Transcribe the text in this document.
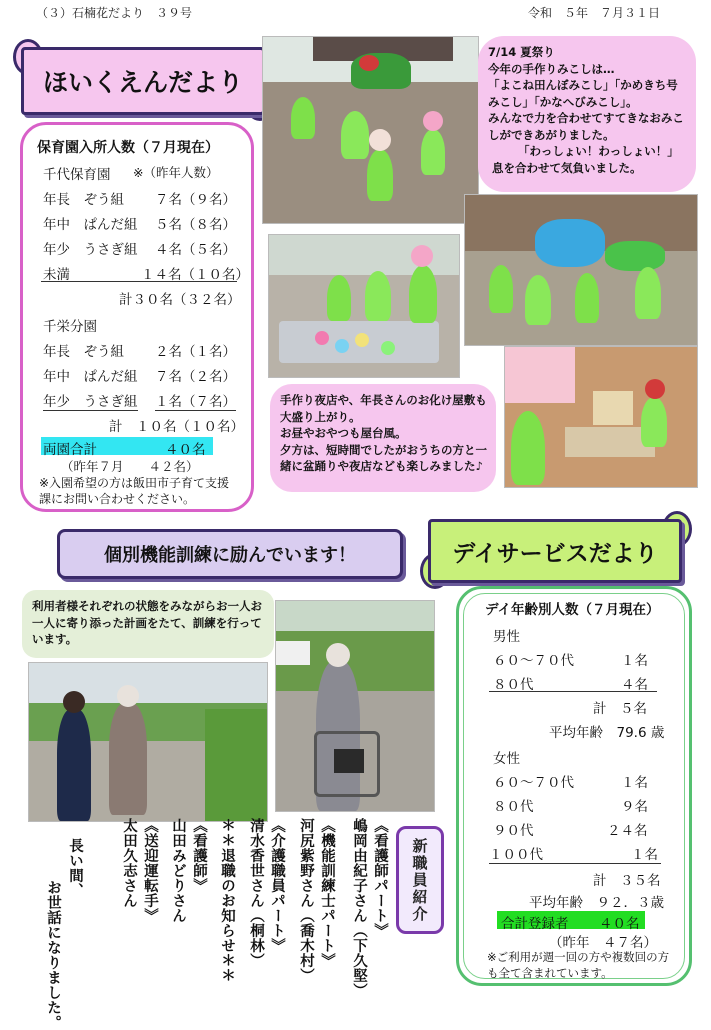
（３）石楠花だより　３９号	令和　５年　７月３１日
ほいくえんだより
保育園入所人数（７月現在）
千代保育園 ※（昨年人数）
年長　ぞう組 ７名（９名）
年中　ぱんだ組 ５名（８名）
年少　うさぎ組 ４名（５名）
未満	１４名（１０名）
計３０名（３２名）
千栄分園
年長　ぞう組 ２名（１名）
年中　ぱんだ組 ７名（２名）
年少　うさぎ組 １名（７名）
計　１０名（１０名）
両園合計	４０名
（昨年７月　　４２名）
※入園希望の方は飯田市子育て支援課にお問い合わせください。
7/14 夏祭り
今年の手作りみこしは…
「よこね田んぼみこし」「かめきち号みこし」「かなへびみこし」。
みんなで力を合わせてすてきなおみこしができあがりました。
「わっしょい！わっしょい！」
息を合わせて気負いました。
手作り夜店や、年長さんのお化け屋敷も大盛り上がり。
お昼やおやつも屋台風。
夕方は、短時間でしたがおうちの方と一緒に盆踊りや夜店なども楽しみました♪
個別機能訓練に励んでいます！	デイサービスだより
利用者様それぞれの状態をみながらお一人お一人に寄り添った計画をたて、訓練を行っています。
《看護師パート》
嶋岡由紀子さん（下久堅）
《機能訓練士パート》
河尻紫野さん（喬木村）
《介護職員パート》
清水香世さん（桐林）
＊＊退職のお知らせ＊＊
《看護師》
山田みどりさん
《送迎運転手》
太田久志さん
長い間、
お世話になりました。	新職員紹介
デイ年齢別人数（７月現在）
男性
６０～７０代	１名
８０代	４名
計　５名
平均年齢　79.6 歳
女性
６０～７０代	１名
８０代	９名
９０代	２４名
１００代	１名
計　３５名
平均年齢　９２．３歳
合計登録者 ４０名
（昨年　４７名）
※ご利用が週一回の方や複数回の方も全て含まれています。
